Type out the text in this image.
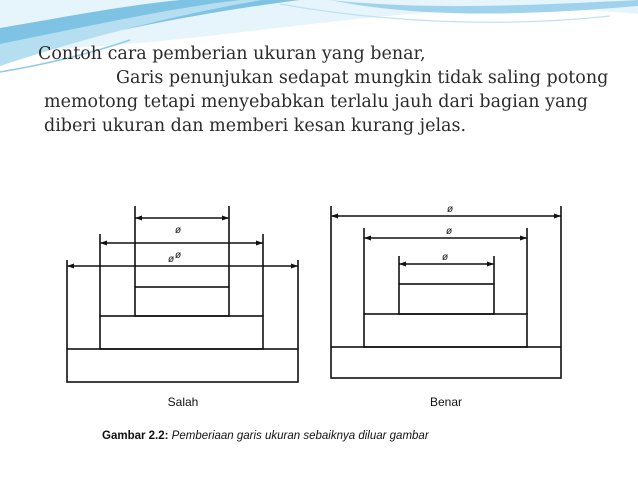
Contoh cara pemberian ukuran yang benar,

Garis penunjukan sedapat mungkin tidak saling potong memotong tetapi menyebabkan terlalu jauh dari bagian yang diberi ukuran dan memberi kesan kurang jelas.

ø
ø
ø	ø
ø
ø
Salah	Benar
Gambar 2.2: Pemberiaan garis ukuran sebaiknya diluar gambar
